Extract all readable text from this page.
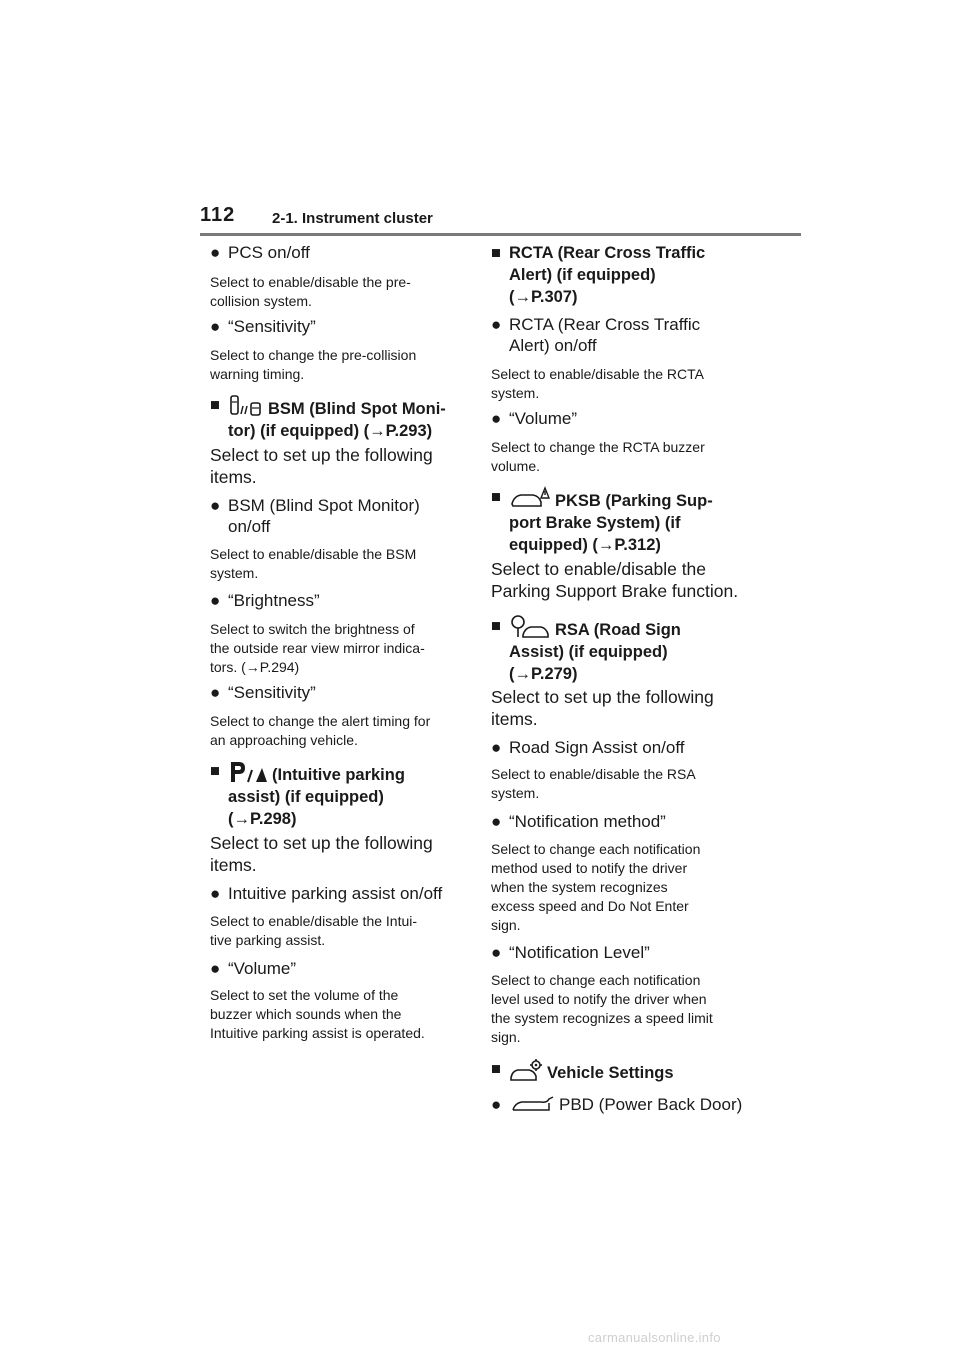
112 2-1. Instrument cluster
● PCS on/off
Select to enable/disable the pre-
collision system.
● “Sensitivity”
Select to change the pre-collision
warning timing.
■	BSM (Blind Spot Moni-
tor) (if equipped) (→P.293)
Select to set up the following
items.
● BSM (Blind Spot Monitor)
on/off
Select to enable/disable the BSM
system.
● “Brightness”
Select to switch the brightness of
the outside rear view mirror indica-
tors. (→P.294)
● “Sensitivity”
Select to change the alert timing for
an approaching vehicle.
■	(Intuitive parking
assist) (if equipped)
(→P.298)
Select to set up the following
items.
● Intuitive parking assist on/off
Select to enable/disable the Intui-
tive parking assist.
● “Volume”
Select to set the volume of the
buzzer which sounds when the
Intuitive parking assist is operated.
■ RCTA (Rear Cross Traffic
Alert) (if equipped)
(→P.307)
● RCTA (Rear Cross Traffic
Alert) on/off
Select to enable/disable the RCTA
system.
● “Volume”
Select to change the RCTA buzzer
volume.
■	PKSB (Parking Sup-
port Brake System) (if
equipped) (→P.312)
Select to enable/disable the
Parking Support Brake function.
■	RSA (Road Sign
Assist) (if equipped)
(→P.279)
Select to set up the following
items.
● Road Sign Assist on/off
Select to enable/disable the RSA
system.
● “Notification method”
Select to change each notification
method used to notify the driver
when the system recognizes
excess speed and Do Not Enter
sign.
● “Notification Level”
Select to change each notification
level used to notify the driver when
the system recognizes a speed limit
sign.
■	Vehicle Settings
●	PBD (Power Back Door)
carmanualsonline.info
